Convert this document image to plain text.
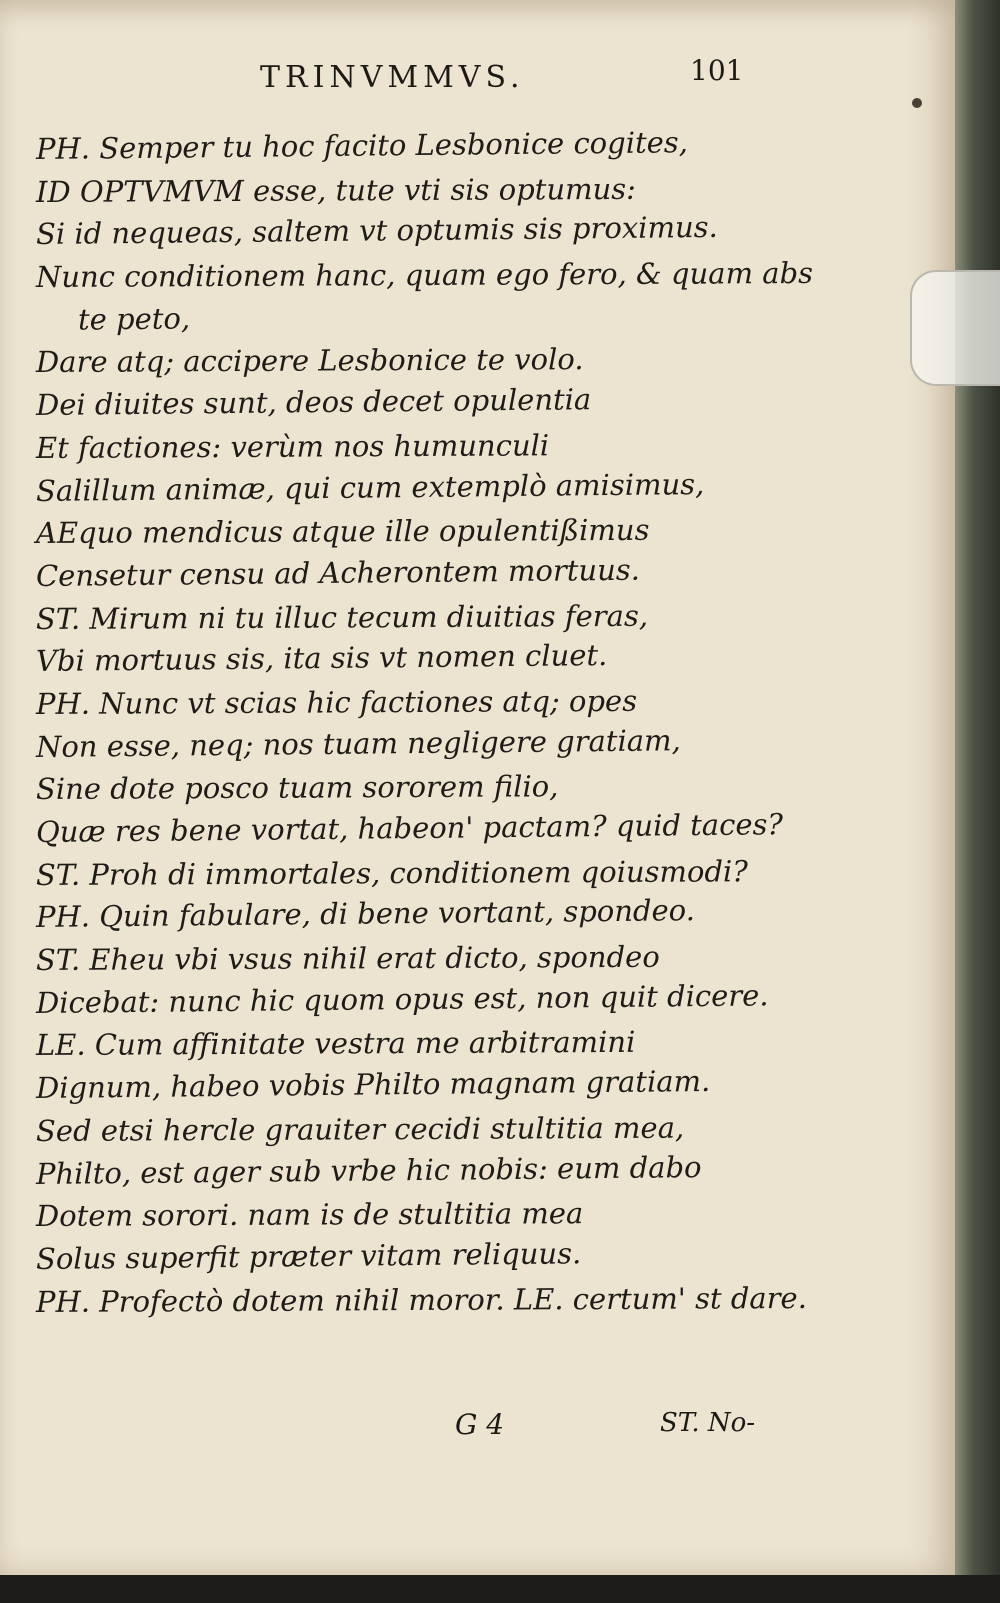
TRINVMMVS.	101
PH. Semper tu hoc facito Lesbonice cogites,
ID OPTVMVM esse, tute vti sis optumus:
Si id nequeas, saltem vt optumis sis proximus.
Nunc conditionem hanc, quam ego fero, & quam abs
te peto,
Dare atq; accipere Lesbonice te volo.
Dei diuites sunt, deos decet opulentia
Et factiones: verùm nos humunculi
Salillum animæ, qui cum extemplò amisimus,
AEquo mendicus atque ille opulentißimus
Censetur censu ad Acherontem mortuus.
ST. Mirum ni tu illuc tecum diuitias feras,
Vbi mortuus sis, ita sis vt nomen cluet.
PH. Nunc vt scias hic factiones atq; opes
Non esse, neq; nos tuam negligere gratiam,
Sine dote posco tuam sororem filio,
Quæ res bene vortat, habeon' pactam? quid taces?
ST. Proh di immortales, conditionem qoiusmodi?
PH. Quin fabulare, di bene vortant, spondeo.
ST. Eheu vbi vsus nihil erat dicto, spondeo
Dicebat: nunc hic quom opus est, non quit dicere.
LE. Cum affinitate vestra me arbitramini
Dignum, habeo vobis Philto magnam gratiam.
Sed etsi hercle grauiter cecidi stultitia mea,
Philto, est ager sub vrbe hic nobis: eum dabo
Dotem sorori. nam is de stultitia mea
Solus superfit præter vitam reliquus.
PH. Profectò dotem nihil moror. LE. certum' st dare.
G 4	ST. No-
